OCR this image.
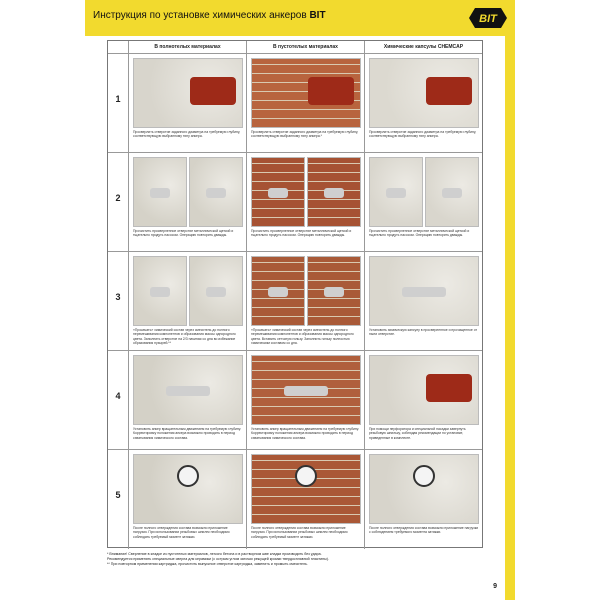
Инструкция по установке химических анкеров BIT	BIT
В полнотелых материалах	В пустотелых материалах	Химические капсулы CHEMCAP
1
Просверлить отверстие заданного диаметра на требуемую глубину, соответствующую выбранному типу анкера.
Просверлить отверстие заданного диаметра на требуемую глубину, соответствующую выбранному типу анкера.*
Просверлить отверстие заданного диаметра на требуемую глубину, соответствующую выбранному типу анкера.
2
Прочистить просверленное отверстие металлической щеткой и тщательно продуть насосом. Операцию повторить дважды.
Прочистить просверленное отверстие металлической щеткой и тщательно продуть насосом. Операцию повторить дважды.
Прочистить просверленное отверстие металлической щеткой и тщательно продуть насосом. Операцию повторить дважды.
3
«Прокачать» химический состав через смеситель до полного перемешивания компонентов и образования массы однородного цвета. Заполнить отверстие на 2/3 начиная со дна во избежание образования пузырей.**
«Прокачать» химический состав через смеситель до полного перемешивания компонентов и образования массы однородного цвета. Вставить сетчатую гильзу. Заполнить гильзу полностью химическим составом со дна.
Установить химическую капсулу в просверленное и прочищенное от пыли отверстие.
4
Установить анкер вращательным движением на требуемую глубину. Корректировку положения анкера возможно проводить в период схватывания химического состава.
Установить анкер вращательным движением на требуемую глубину. Корректировку положения анкера возможно проводить в период схватывания химического состава.
При помощи перфоратора и специальной насадки завернуть резьбовую шпильку, соблюдая рекомендации по установке, приведенные в комплекте.
5
После полного отверждения состава возможно приложение нагрузки. При использовании резьбовых шпилек необходимо соблюдать требуемый момент затяжки.
После полного отверждения состава возможно приложение нагрузки. При использовании резьбовых шпилек необходимо соблюдать требуемый момент затяжки.
После полного отверждения состава возможно приложение нагрузки с соблюдением требуемого момента затяжки.
* Внимание! Сверление в кладке из пустотелых материалов, легкого бетона и в растворном шве кладки производить без удара.
Рекомендуется применять специальные сверла для керамики (с острым углом заточки режущей кромки твердосплавной пластины).
** При повторном применении картриджа, прочистить выпускное отверстие картриджа, заменить и промыть смеситель.
9
